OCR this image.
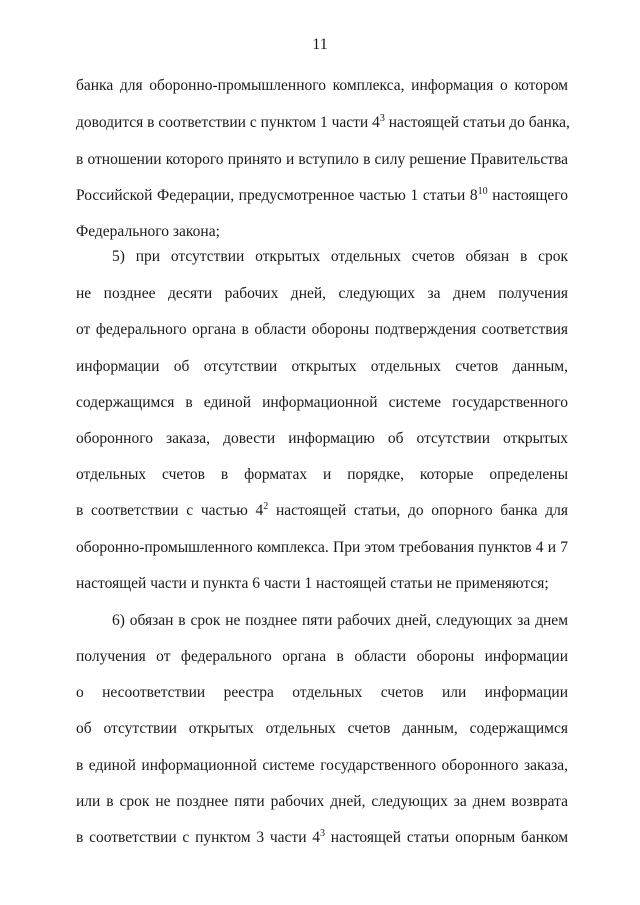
11
банка для оборонно-промышленного комплекса, информация о котором
доводится в соответствии с пунктом 1 части $4^3$ настоящей статьи до банка,
в отношении которого принято и вступило в силу решение Правительства
Российской Федерации, предусмотренное частью 1 статьи $8^{10}$ настоящего
Федерального закона;
5) при отсутствии открытых отдельных счетов обязан в срок
не позднее десяти рабочих дней, следующих за днем получения
от федерального органа в области обороны подтверждения соответствия
информации об отсутствии открытых отдельных счетов данным,
содержащимся в единой информационной системе государственного
оборонного заказа, довести информацию об отсутствии открытых
отдельных счетов в форматах и порядке, которые определены
в соответствии с частью $4^2$ настоящей статьи, до опорного банка для
оборонно-промышленного комплекса. При этом требования пунктов 4 и 7
настоящей части и пункта 6 части 1 настоящей статьи не применяются;
6) обязан в срок не позднее пяти рабочих дней, следующих за днем
получения от федерального органа в области обороны информации
о несоответствии реестра отдельных счетов или информации
об отсутствии открытых отдельных счетов данным, содержащимся
в единой информационной системе государственного оборонного заказа,
или в срок не позднее пяти рабочих дней, следующих за днем возврата
в соответствии с пунктом 3 части $4^3$ настоящей статьи опорным банком
